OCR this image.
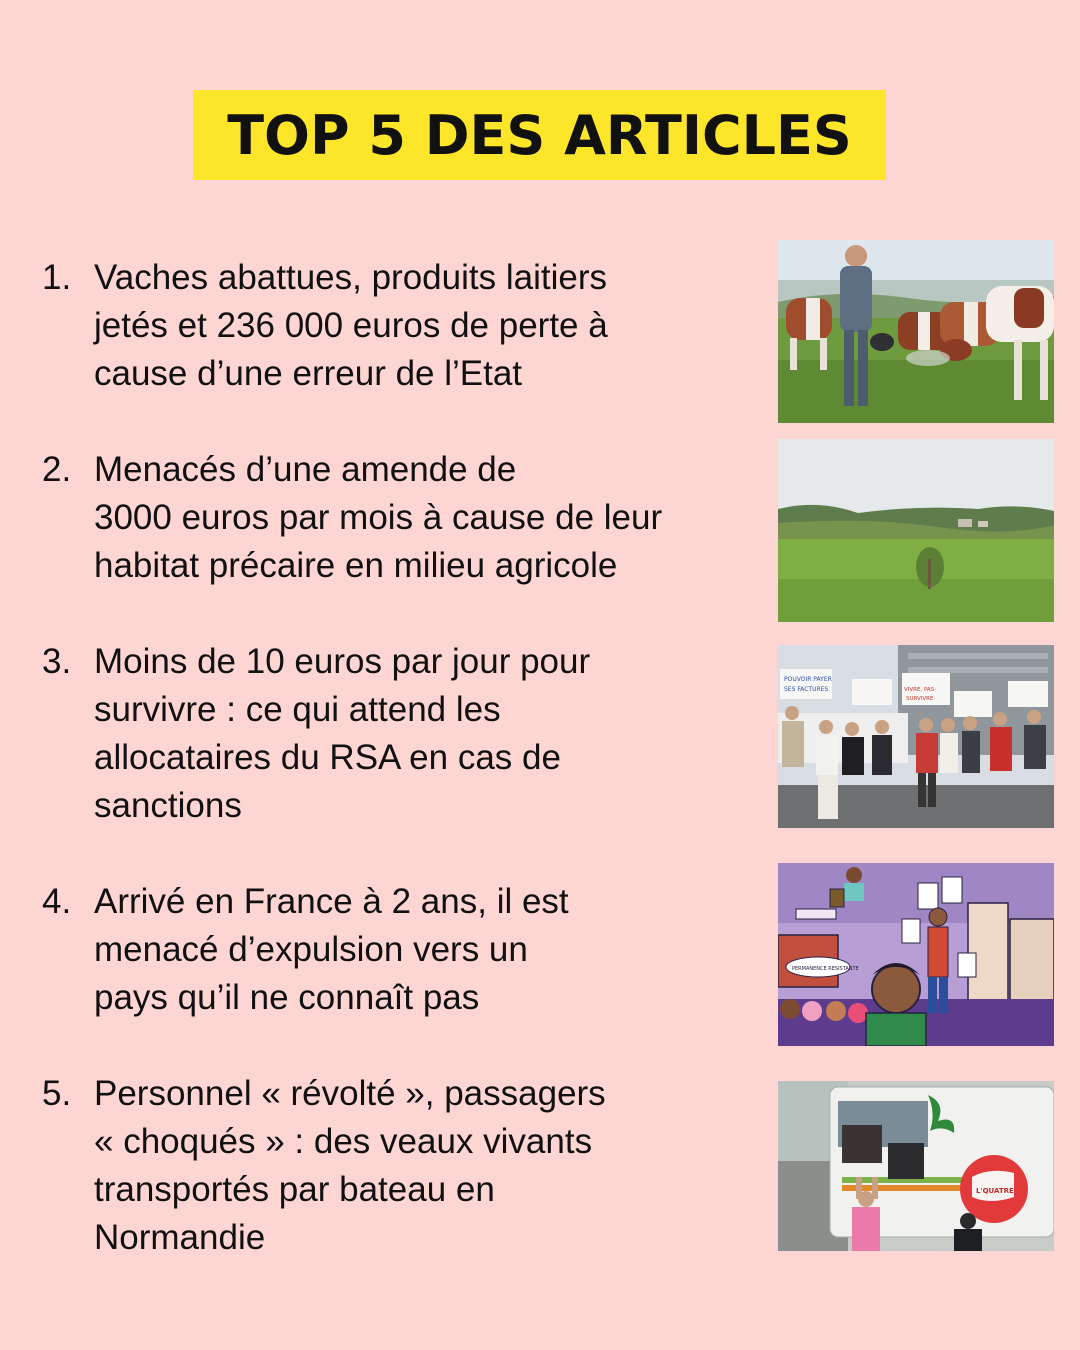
TOP 5 DES ARTICLES
1. Vaches abattues, produits laitiers
jetés et 236 000 euros de perte à
cause d’une erreur de l’Etat
2. Menacés d’une amende de
3000 euros par mois à cause de leur
habitat précaire en milieu agricole
3. Moins de 10 euros par jour pour
survivre : ce qui attend les
allocataires du RSA en cas de
sanctions
POUVOIR PAYER
SES FACTURES	VIVRE, PAS
SURVIVRE
4. Arrivé en France à 2 ans, il est
menacé d’expulsion vers un
pays qu’il ne connaît pas
PERMANENCE RESISTANTE
5. Personnel « révolté », passagers
« choqués » : des veaux vivants
transportés par bateau en
Normandie
L'QUATRE
